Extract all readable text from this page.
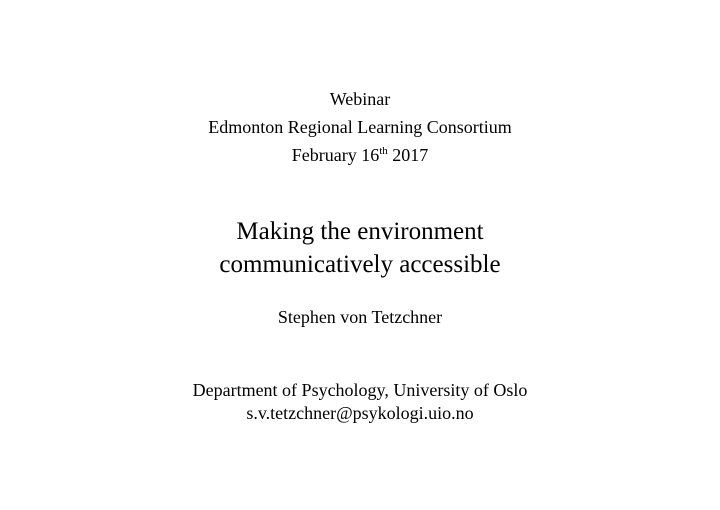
Webinar
Edmonton Regional Learning Consortium
February 16th 2017
Making the environment
communicatively accessible
Stephen von Tetzchner
Department of Psychology, University of Oslo
s.v.tetzchner@psykologi.uio.no
